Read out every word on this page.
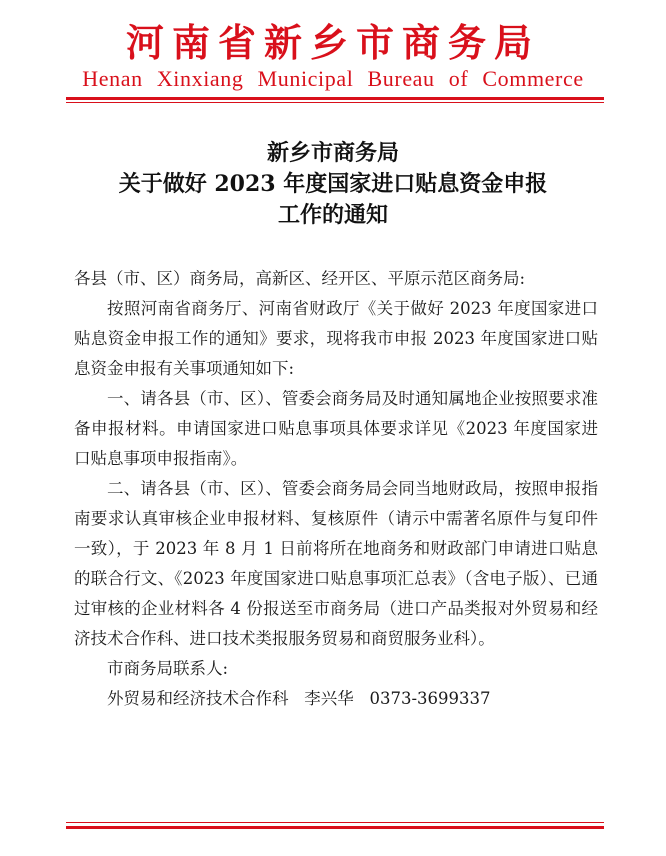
河南省新乡市商务局
Henan Xinxiang Municipal Bureau of Commerce
新乡市商务局
关于做好 2023 年度国家进口贴息资金申报
工作的通知

各县（市、区）商务局，高新区、经开区、平原示范区商务局:

按照河南省商务厅、河南省财政厅《关于做好 2023 年度国家进口贴息资金申报工作的通知》要求，现将我市申报 2023 年度国家进口贴息资金申报有关事项通知如下:

一、请各县（市、区）、管委会商务局及时通知属地企业按照要求准备申报材料。申请国家进口贴息事项具体要求详见《2023 年度国家进口贴息事项申报指南》。

二、请各县（市、区）、管委会商务局会同当地财政局，按照申报指南要求认真审核企业申报材料、复核原件（请示中需著名原件与复印件一致），于 2023 年 8 月 1 日前将所在地商务和财政部门申请进口贴息的联合行文、《2023 年度国家进口贴息事项汇总表》（含电子版）、已通过审核的企业材料各 4 份报送至市商务局（进口产品类报对外贸易和经济技术合作科、进口技术类报服务贸易和商贸服务业科）。

市商务局联系人:

外贸易和经济技术合作科   李兴华   0373-3699337
